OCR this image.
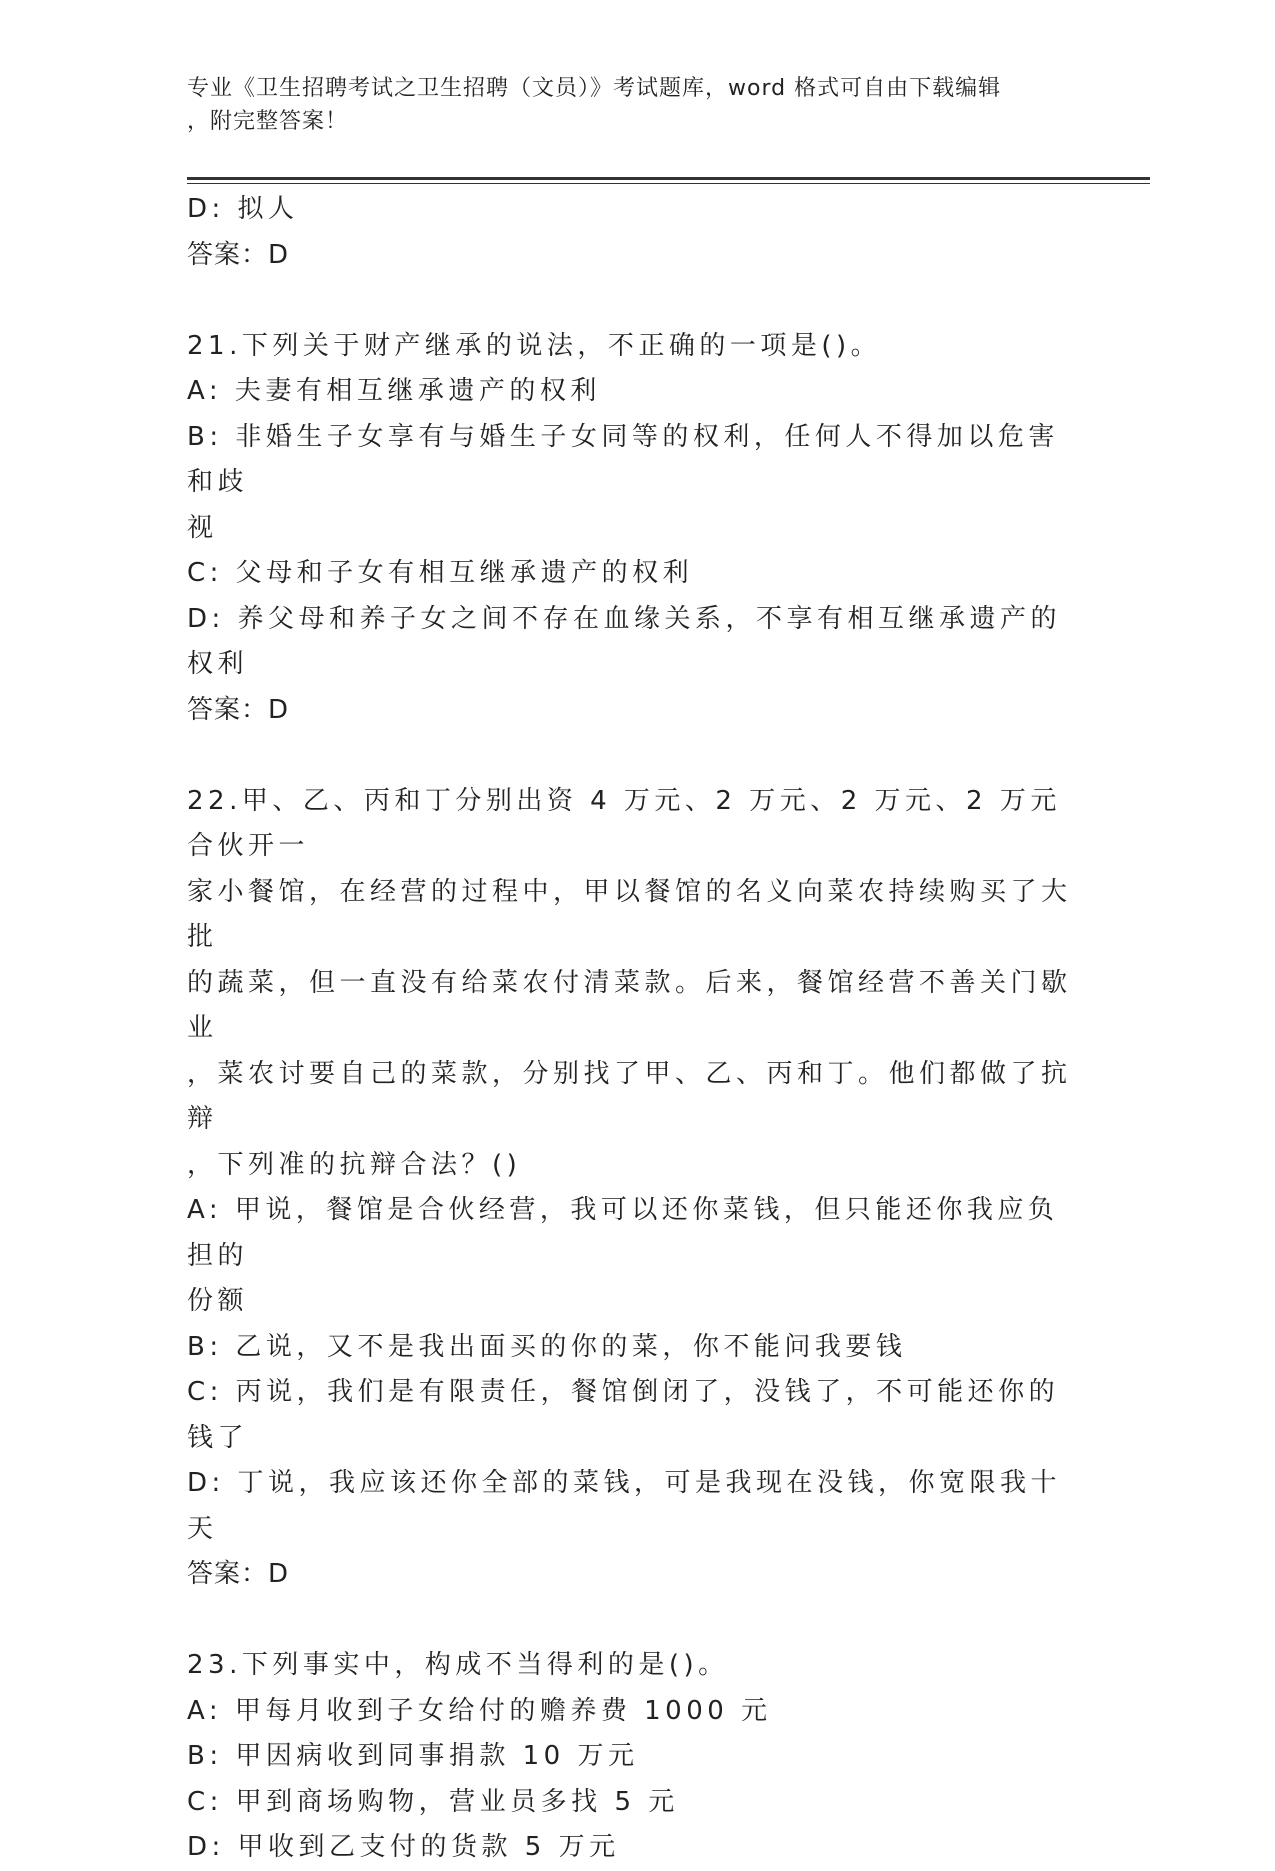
专业《卫生招聘考试之卫生招聘（文员）》考试题库，word 格式可自由下载编辑
，附完整答案！
D: 拟人
答案：D
21.下列关于财产继承的说法，不正确的一项是()。
A: 夫妻有相互继承遗产的权利
B: 非婚生子女享有与婚生子女同等的权利，任何人不得加以危害和歧
视
C: 父母和子女有相互继承遗产的权利
D: 养父母和养子女之间不存在血缘关系，不享有相互继承遗产的权利
答案：D
22.甲、乙、丙和丁分别出资 4 万元、2 万元、2 万元、2 万元合伙开一
家小餐馆，在经营的过程中，甲以餐馆的名义向菜农持续购买了大批
的蔬菜，但一直没有给菜农付清菜款。后来，餐馆经营不善关门歇业
，菜农讨要自己的菜款，分别找了甲、乙、丙和丁。他们都做了抗辩
，下列准的抗辩合法？()
A: 甲说，餐馆是合伙经营，我可以还你菜钱，但只能还你我应负担的
份额
B: 乙说，又不是我出面买的你的菜，你不能问我要钱
C: 丙说，我们是有限责任，餐馆倒闭了，没钱了，不可能还你的钱了
D: 丁说，我应该还你全部的菜钱，可是我现在没钱，你宽限我十天
答案：D
23.下列事实中，构成不当得利的是()。
A: 甲每月收到子女给付的赡养费 1000 元
B: 甲因病收到同事捐款 10 万元
C: 甲到商场购物，营业员多找 5 元
D: 甲收到乙支付的货款 5 万元
